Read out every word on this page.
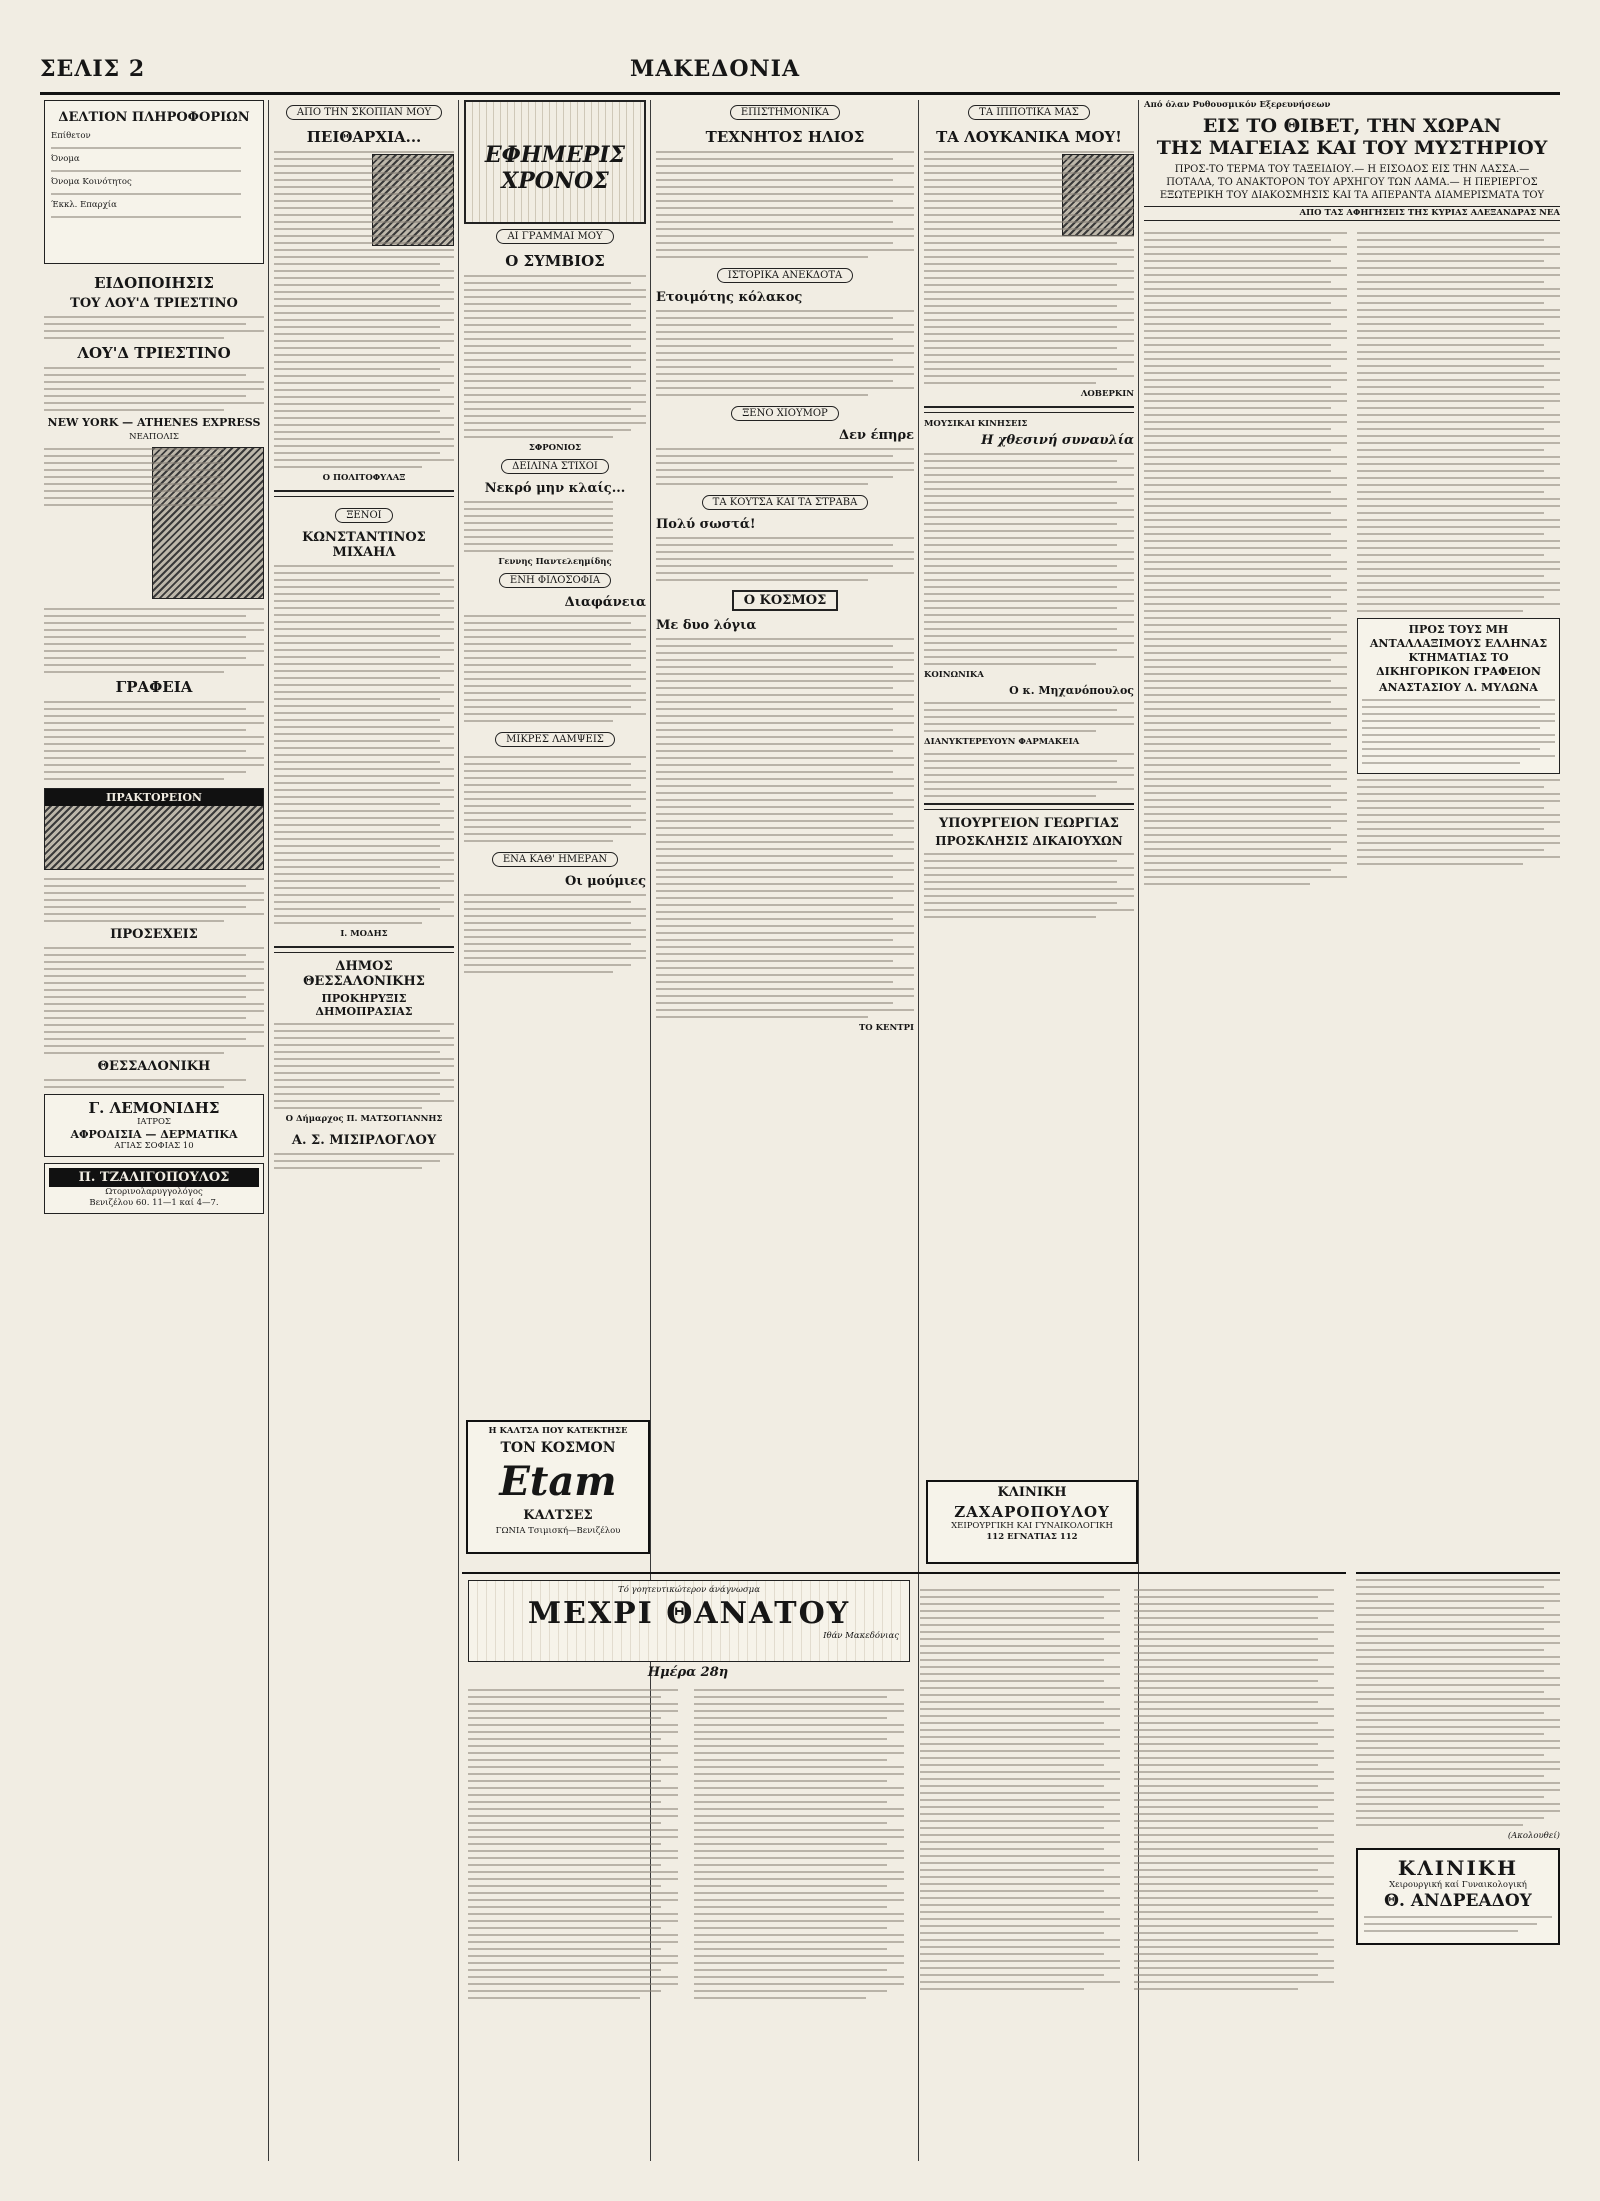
ΣΕΛΙΣ 2	ΜΑΚΕΔΟΝΙΑ
ΔΕΛΤΙΟΝ ΠΛΗΡΟΦΟΡΙΩΝ
Επίθετον
Όνομα
Όνομα Κοινότητος
Έκκλ. Επαρχία
ΕΙΔΟΠΟΙΗΣΙΣ
ΤΟΥ ΛΟΥ'Δ ΤΡΙΕΣΤΙΝΟ
ΛΟΥ'Δ ΤΡΙΕΣΤΙΝΟ
NEW YORK — ATHENES EXPRESS
ΝΕΑΠΟΛΙΣ
ΓΡΑΦΕΙΑ
ΠΡΑΚΤΟΡΕΙΟΝ
ΠΡΟΣΕΧΕΙΣ
ΘΕΣΣΑΛΟΝΙΚΗ
Γ. ΛΕΜΟΝΙΔΗΣ
ΙΑΤΡΟΣ
ΑΦΡΟΔΙΣΙΑ — ΔΕΡΜΑΤΙΚΑ
ΑΓΙΑΣ ΣΟΦΙΑΣ 10
Π. ΤΖΑΛΙΓΟΠΟΥΛΟΣ
Ωτορινολαρυγγολόγος
Βενιζέλου 60. 11—1 καί 4—7.
ΑΠΟ ΤΗΝ ΣΚΟΠΙΑΝ ΜΟΥ
ΠΕΙΘΑΡΧΙΑ...
Ο ΠΟΛΙΤΟΦΥΛΑΞ
ΞΕΝΟΙ
ΚΩΝΣΤΑΝΤΙΝΟΣ ΜΙΧΑΗΛ
Ι. ΜΟΔΗΣ
ΔΗΜΟΣ ΘΕΣΣΑΛΟΝΙΚΗΣ
ΠΡΟΚΗΡΥΞΙΣ ΔΗΜΟΠΡΑΣΙΑΣ
Ο Δήμαρχος Π. ΜΑΤΣΟΓΙΑΝΝΗΣ
Α. Σ. ΜΙΣΙΡΛΟΓΛΟΥ
ΕΦΗΜΕΡΙΣ ΧΡΟΝΟΣ
ΑΙ ΓΡΑΜΜΑΙ ΜΟΥ
Ο ΣΥΜΒΙΟΣ
ΣΦΡΟΝΙΟΣ
ΔΕΙΛΙΝΑ ΣΤΙΧΟΙ
Νεκρό μην κλαίς...
Γεννης Παντελεημίδης
ΕΝΗ ΦΙΛΟΣΟΦΙΑ
Διαφάνεια
ΜΙΚΡΕΣ ΛΑΜΨΕΙΣ
ΕΝΑ ΚΑΘ' ΗΜΕΡΑΝ
Οι μούμιες
Η ΚΑΛΤΣΑ ΠΟΥ ΚΑΤΕΚΤΗΣΕ
ΤΟΝ ΚΟΣΜΟΝ
Etam
ΚΑΛΤΣΕΣ
ΓΩΝΙΑ Τσιμισκή—Βενιζέλου
ΕΠΙΣΤΗΜΟΝΙΚΑ
ΤΕΧΝΗΤΟΣ ΗΛΙΟΣ
ΙΣΤΟΡΙΚΑ ΑΝΕΚΔΟΤΑ
Ετοιμότης κόλακος
ΞΕΝΟ ΧΙΟΥΜΟΡ
Δεν έπηρε
ΤΑ ΚΟΥΤΣΑ ΚΑΙ ΤΑ ΣΤΡΑΒΑ
Πολύ σωστά!
Ο ΚΟΣΜΟΣ
Με δυο λόγια
ΤΟ ΚΕΝΤΡΙ
ΤΑ ΙΠΠΟΤΙΚΑ ΜΑΣ
ΤΑ ΛΟΥΚΑΝΙΚΑ ΜΟΥ!
ΛΟΒΕΡΚΙΝ
ΜΟΥΣΙΚΑΙ ΚΙΝΗΣΕΙΣ
Η χθεσινή συναυλία
ΚΟΙΝΩΝΙΚΑ
Ο κ. Μηχανόπουλος
ΔΙΑΝΥΚΤΕΡΕΥΟΥΝ ΦΑΡΜΑΚΕΙΑ
ΥΠΟΥΡΓΕΙΟΝ ΓΕΩΡΓΙΑΣ
ΠΡΟΣΚΛΗΣΙΣ ΔΙΚΑΙΟΥΧΩΝ
ΚΛΙΝΙΚΗ
ΖΑΧΑΡΟΠΟΥΛΟΥ
ΧΕΙΡΟΥΡΓΙΚΗ ΚΑΙ ΓΥΝΑΙΚΟΛΟΓΙΚΗ
112 ΕΓΝΑΤΙΑΣ 112
Από όλαν Ρυθουσμικόν Εξερευνήσεων
ΕΙΣ ΤΟ ΘΙΒΕΤ, ΤΗΝ ΧΩΡΑΝ
ΤΗΣ ΜΑΓΕΙΑΣ ΚΑΙ ΤΟΥ ΜΥΣΤΗΡΙΟΥ
ΠΡΟΣ-ΤΟ ΤΕΡΜΑ ΤΟΥ ΤΑΞΕΙΔΙΟΥ.— Η ΕΙΣΟΔΟΣ ΕΙΣ ΤΗΝ ΛΑΣΣΑ.— ΠΟΤΑΛΑ, ΤΟ ΑΝΑΚΤΟΡΟΝ ΤΟΥ ΑΡΧΗΓΟΥ ΤΩΝ ΛΑΜΑ.— Η ΠΕΡΙΕΡΓΟΣ ΕΞΩΤΕΡΙΚΗ ΤΟΥ ΔΙΑΚΟΣΜΗΣΙΣ ΚΑΙ ΤΑ ΑΠΕΡΑΝΤΑ ΔΙΑΜΕΡΙΣΜΑΤΑ ΤΟΥ
ΑΠΟ ΤΑΣ ΑΦΗΓΗΣΕΙΣ ΤΗΣ ΚΥΡΙΑΣ ΑΛΕΞΑΝΔΡΑΣ ΝΕΑ
ΠΡΟΣ ΤΟΥΣ ΜΗ ΑΝΤΑΛΛΑΞΙΜΟΥΣ ΕΛΛΗΝΑΣ ΚΤΗΜΑΤΙΑΣ ΤΟ ΔΙΚΗΓΟΡΙΚΟΝ ΓΡΑΦΕΙΟΝ
ΑΝΑΣΤΑΣΙΟΥ Λ. ΜΥΛΩΝΑ
Τό γοητευτικώτερον άνάγνωσμα
ΜΕΧΡΙ ΘΑΝΑΤΟΥ
Ιθάν Μακεδόνιας
Ημέρα 28η
(Ακολουθεί)
ΚΛΙΝΙΚΗ
Χειρουργική καί Γυναικολογική
Θ. ΑΝΔΡΕΑΔΟΥ
